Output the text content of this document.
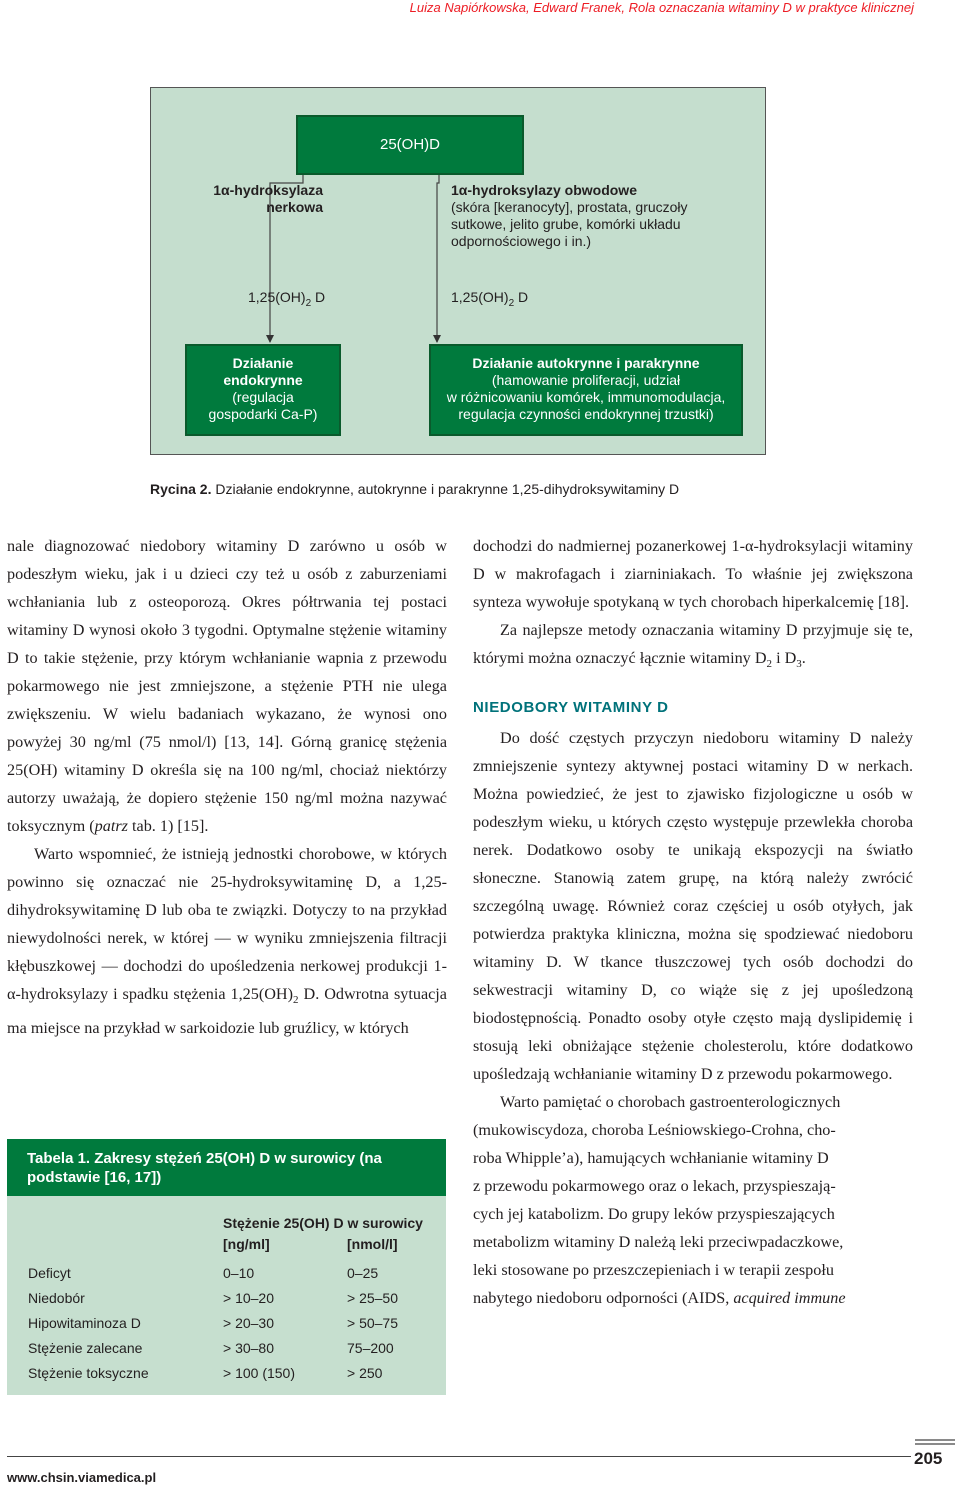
Luiza Napiórkowska, Edward Franek, Rola oznaczania witaminy D w praktyce klinicznej
25(OH)D
1α-hydroksylaza
nerkowa
1α-hydroksylazy obwodowe
(skóra [keranocyty], prostata, gruczoły
sutkowe, jelito grube, komórki układu
odpornościowego i in.)
$1,25(OH)_2$ D	$1,25(OH)_2$ D
Działanie
endokrynne
(regulacja
gospodarki Ca-P)
Działanie autokrynne i parakrynne
(hamowanie proliferacji, udział
w różnicowaniu komórek, immunomodulacja,
regulacja czynności endokrynnej trzustki)
Rycina 2. Działanie endokrynne, autokrynne i parakrynne 1,25-dihydroksywitaminy D

nale diagnozować niedobory witaminy D zarówno u osób w podeszłym wieku, jak i u dzieci czy też u osób z zaburzeniami wchłaniania lub z osteoporozą. Okres półtrwania tej postaci witaminy D wynosi około 3 tygodni. Optymalne stężenie witaminy D to takie stężenie, przy którym wchłanianie wapnia z przewodu pokarmowego nie jest zmniejszone, a stężenie PTH nie ulega zwiększeniu. W wielu badaniach wykazano, że wynosi ono powyżej 30 ng/ml (75 nmol/l) [13, 14]. Górną granicę stężenia 25(OH) witaminy D określa się na 100 ng/ml, chociaż niektórzy autorzy uważają, że dopiero stężenie 150 ng/ml można nazywać toksycznym (patrz tab. 1) [15].

Warto wspomnieć, że istnieją jednostki chorobowe, w których powinno się oznaczać nie 25-hydroksywitaminę D, a 1,25-dihydroksywitaminę D lub oba te związki. Dotyczy to na przykład niewydolności nerek, w której — w wyniku zmniejszenia filtracji kłębuszkowej — dochodzi do upośledzenia nerkowej produkcji 1-α-hydroksylazy i spadku stężenia $1,25(OH)_2$ D. Odwrotna sytuacja ma miejsce na przykład w sarkoidozie lub gruźlicy, w których

dochodzi do nadmiernej pozanerkowej 1-α-hydroksylacji witaminy D w makrofagach i ziarniniakach. To właśnie jej zwiększona synteza wywołuje spotykaną w tych chorobach hiperkalcemię [18].

Za najlepsze metody oznaczania witaminy D przyjmuje się te, którymi można oznaczyć łącznie witaminy $D_2$ i $D_3$.

NIEDOBORY WITAMINY D

Do dość częstych przyczyn niedoboru witaminy D należy zmniejszenie syntezy aktywnej postaci witaminy D w nerkach. Można powiedzieć, że jest to zjawisko fizjologiczne u osób w podeszłym wieku, u których często występuje przewlekła choroba nerek. Dodatkowo osoby te unikają ekspozycji na światło słoneczne. Stanowią zatem grupę, na którą należy zwrócić szczególną uwagę. Również coraz częściej u osób otyłych, jak potwierdza praktyka kliniczna, można się spodziewać niedoboru witaminy D. W tkance tłuszczowej tych osób dochodzi do sekwestracji witaminy D, co wiąże się z jej upośledzoną biodostępnością. Ponadto osoby otyłe często mają dyslipidemię i stosują leki obniżające stężenie cholesterolu, które dodatkowo upośledzają wchłanianie witaminy D z przewodu pokarmowego.

Warto pamiętać o chorobach gastroenterologicznych
(mukowiscydoza, choroba Leśniowskiego-Crohna, cho-
roba Whipple’a), hamujących wchłanianie witaminy D
z przewodu pokarmowego oraz o lekach, przyspieszają-
cych jej katabolizm. Do grupy leków przyspieszających
metabolizm witaminy D należą leki przeciwpadaczkowe,
leki stosowane po przeszczepieniach i w terapii zespołu
nabytego niedoboru odporności (AIDS, acquired immune

Tabela 1. Zakresy stężeń 25(OH) D w surowicy (na podstawie [16, 17])
Stężenie 25(OH) D w surowicy
[ng/ml]	[nmol/l]
Deficyt	0–10	0–25
Niedobór	> 10–20	> 25–50
Hipowitaminoza D	> 20–30	> 50–75
Stężenie zalecane	> 30–80	75–200
Stężenie toksyczne	> 100 (150)	> 250
www.chsin.viamedica.pl
205
